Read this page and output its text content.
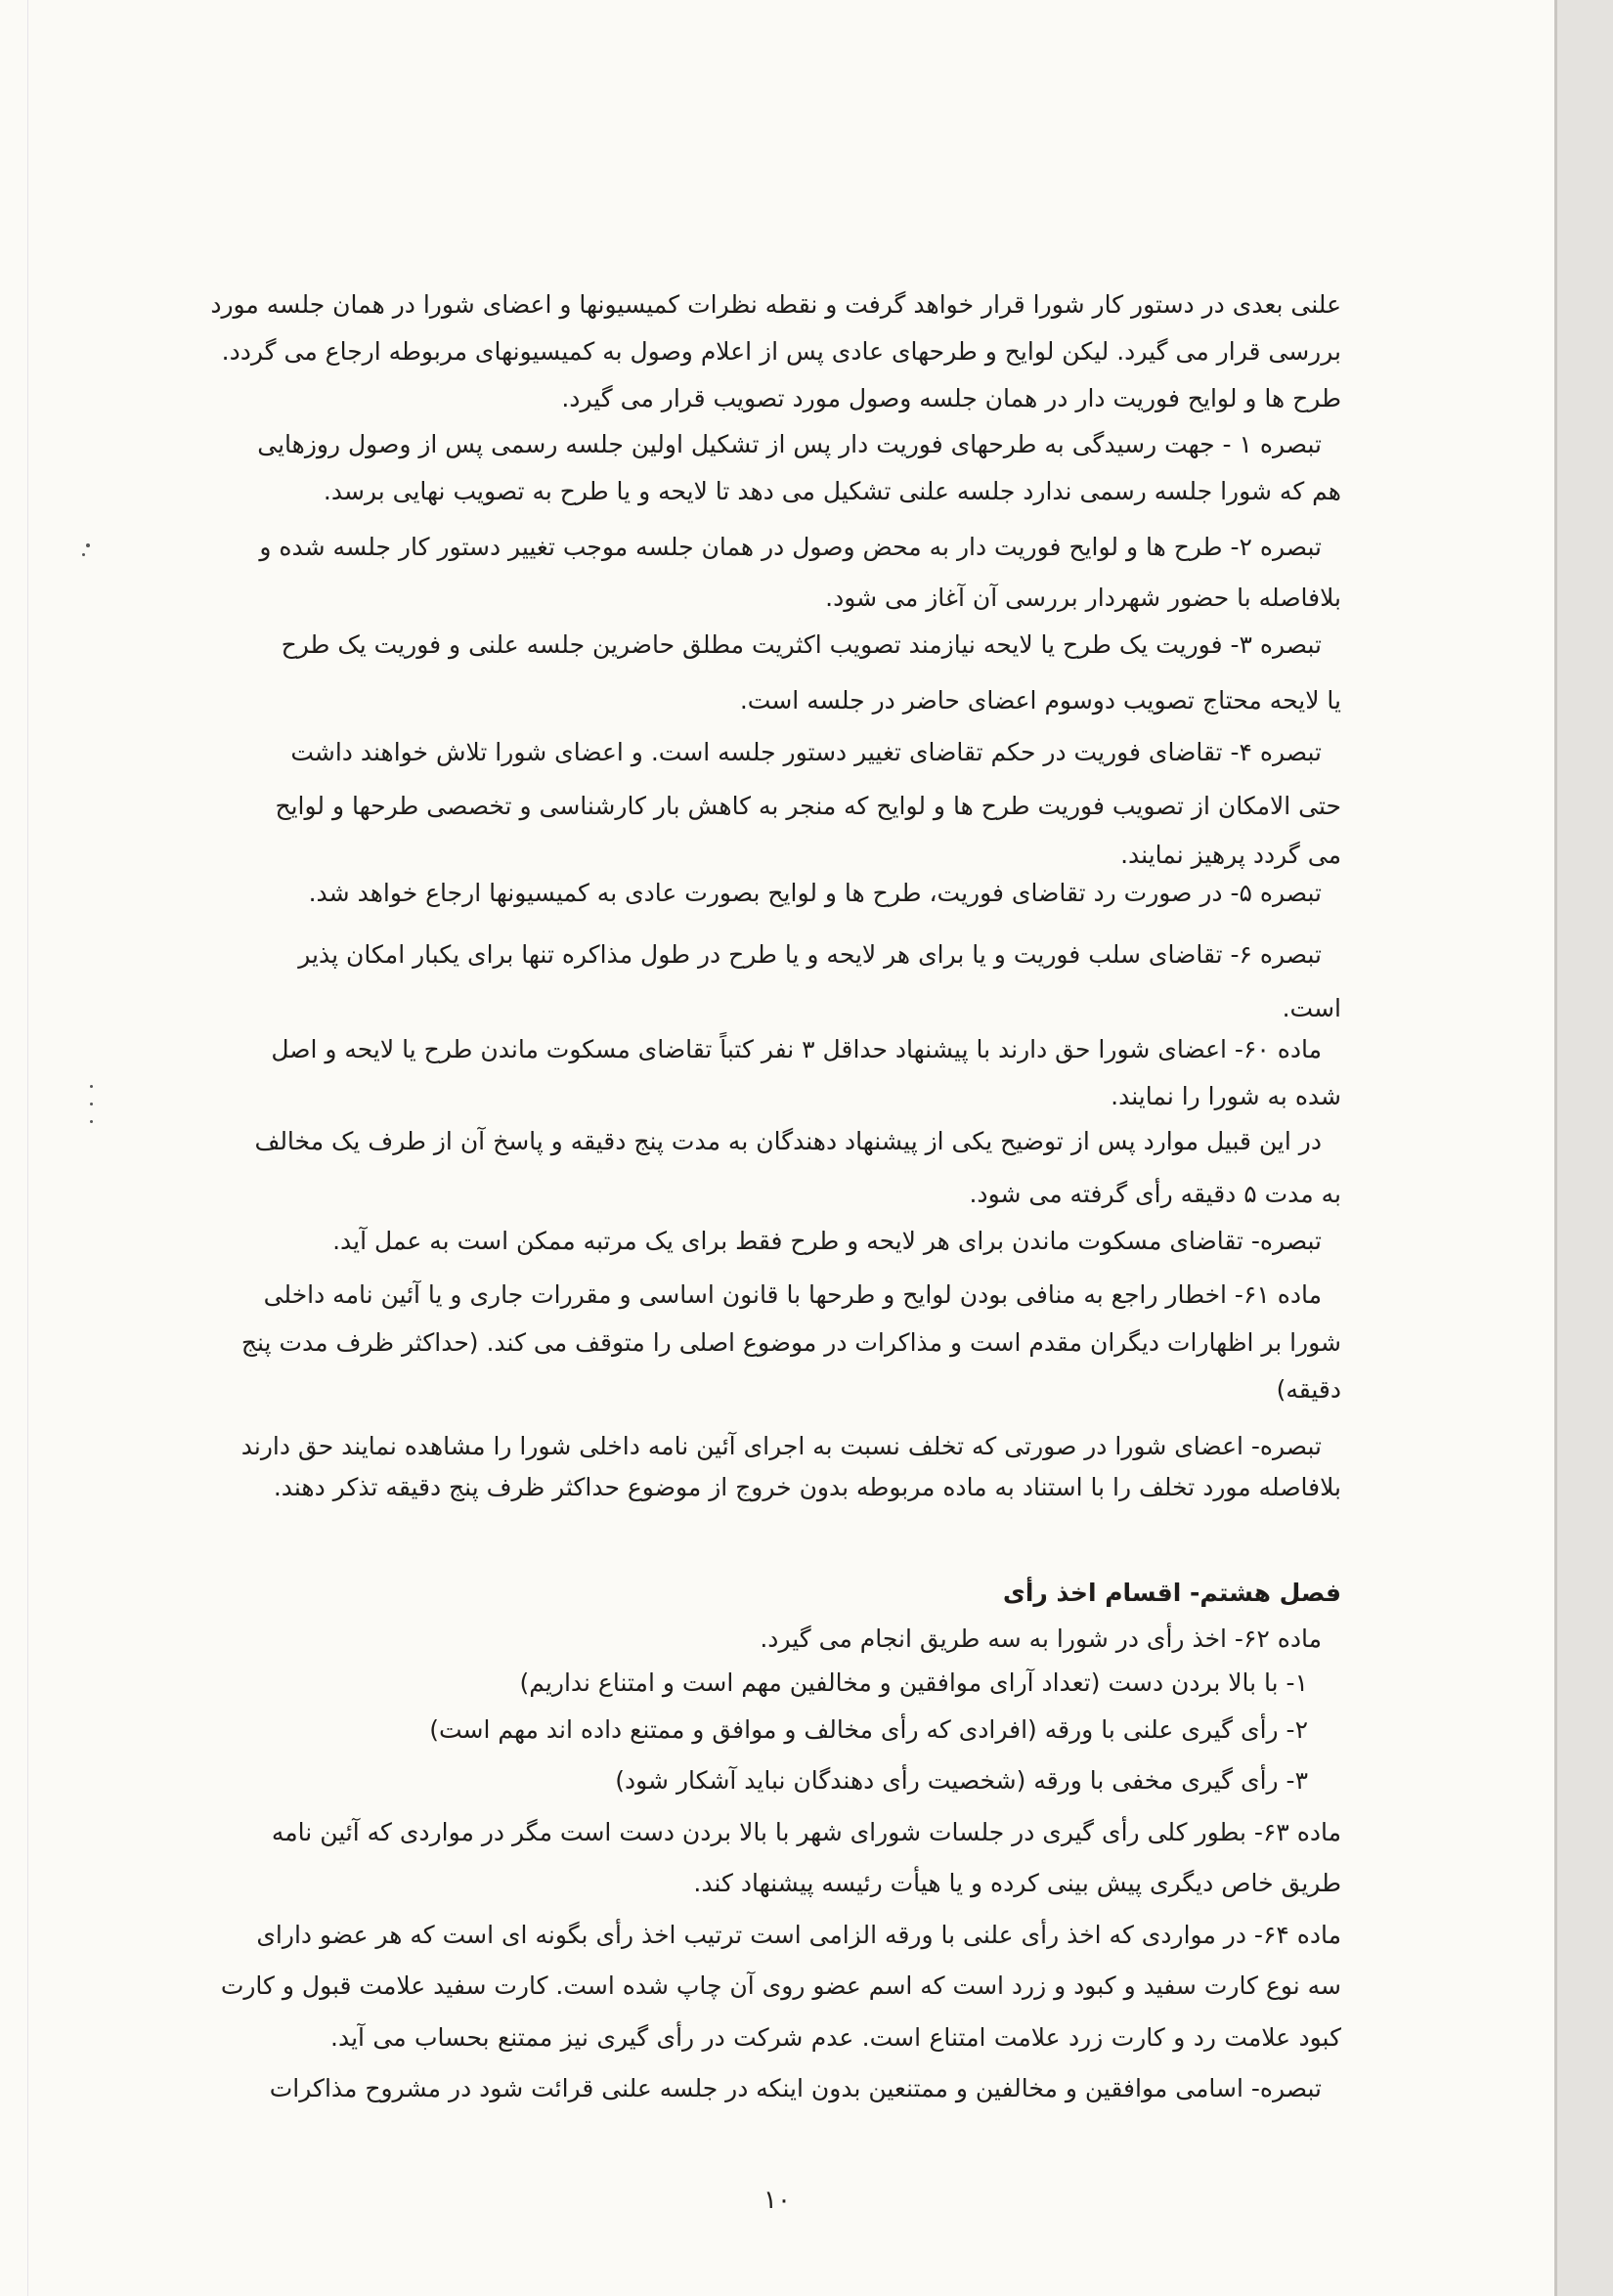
علنی بعدی در دستور کار شورا قرار خواهد گرفت و نقطه نظرات کمیسیونها و اعضای شورا در همان جلسه مورد
بررسی قرار می گیرد. لیکن لوایح و طرحهای عادی پس از اعلام وصول به کمیسیونهای مربوطه ارجاع می گردد.
طرح ها و لوایح فوریت دار در همان جلسه وصول مورد تصویب قرار می گیرد.
تبصره ۱ - جهت رسیدگی به طرحهای فوریت دار پس از تشکیل اولین جلسه رسمی پس از وصول روزهایی
هم که شورا جلسه رسمی ندارد جلسه علنی تشکیل می دهد تا لایحه و یا طرح به تصویب نهایی برسد.
تبصره ۲- طرح ها و لوایح فوریت دار به محض وصول در همان جلسه موجب تغییر دستور کار جلسه شده و
بلافاصله با حضور شهردار بررسی آن آغاز می شود.
تبصره ۳- فوریت یک طرح یا لایحه نیازمند تصویب اکثریت مطلق حاضرین جلسه علنی و فوریت یک طرح
یا لایحه محتاج تصویب دوسوم اعضای حاضر در جلسه است.
تبصره ۴- تقاضای فوریت در حکم تقاضای تغییر دستور جلسه است. و اعضای شورا تلاش خواهند داشت
حتی الامکان از تصویب فوریت طرح ها و لوایح که منجر به کاهش بار کارشناسی و تخصصی طرحها و لوایح
می گردد پرهیز نمایند.
تبصره ۵- در صورت رد تقاضای فوریت، طرح ها و لوایح بصورت عادی به کمیسیونها ارجاع خواهد شد.
تبصره ۶- تقاضای سلب فوریت و یا برای هر لایحه و یا طرح در طول مذاکره تنها برای یکبار امکان پذیر
است.
ماده ۶۰- اعضای شورا حق دارند با پیشنهاد حداقل ۳ نفر کتباً تقاضای مسکوت ماندن طرح یا لایحه و اصل
شده به شورا را نمایند.
در این قبیل موارد پس از توضیح یکی از پیشنهاد دهندگان به مدت پنج دقیقه و پاسخ آن از طرف یک مخالف
به مدت ۵ دقیقه رأی گرفته می شود.
تبصره- تقاضای مسکوت ماندن برای هر لایحه و طرح فقط برای یک مرتبه ممکن است به عمل آید.
ماده ۶۱- اخطار راجع به منافی بودن لوایح و طرحها با قانون اساسی و مقررات جاری و یا آئین نامه داخلی
شورا بر اظهارات دیگران مقدم است و مذاکرات در موضوع اصلی را متوقف می کند. (حداکثر ظرف مدت پنج
دقیقه)
تبصره- اعضای شورا در صورتی که تخلف نسبت به اجرای آئین نامه داخلی شورا را مشاهده نمایند حق دارند
بلافاصله مورد تخلف را با استناد به ماده مربوطه بدون خروج از موضوع حداکثر ظرف پنج دقیقه تذکر دهند.
فصل هشتم- اقسام اخذ رأی
ماده ۶۲- اخذ رأی در شورا به سه طریق انجام می گیرد.
۱- با بالا بردن دست (تعداد آرای موافقین و مخالفین مهم است و امتناع نداریم)
۲- رأی گیری علنی با ورقه (افرادی که رأی مخالف و موافق و ممتنع داده اند مهم است)
۳- رأی گیری مخفی با ورقه (شخصیت رأی دهندگان نباید آشکار شود)
ماده ۶۳- بطور کلی رأی گیری در جلسات شورای شهر با بالا بردن دست است مگر در مواردی که آئین نامه
طریق خاص دیگری پیش بینی کرده و یا هیأت رئیسه پیشنهاد کند.
ماده ۶۴- در مواردی که اخذ رأی علنی با ورقه الزامی است ترتیب اخذ رأی بگونه ای است که هر عضو دارای
سه نوع کارت سفید و کبود و زرد است که اسم عضو روی آن چاپ شده است. کارت سفید علامت قبول و کارت
کبود علامت رد و کارت زرد علامت امتناع است. عدم شرکت در رأی گیری نیز ممتنع بحساب می آید.
تبصره- اسامی موافقین و مخالفین و ممتنعین بدون اینکه در جلسه علنی قرائت شود در مشروح مذاکرات
۱۰
